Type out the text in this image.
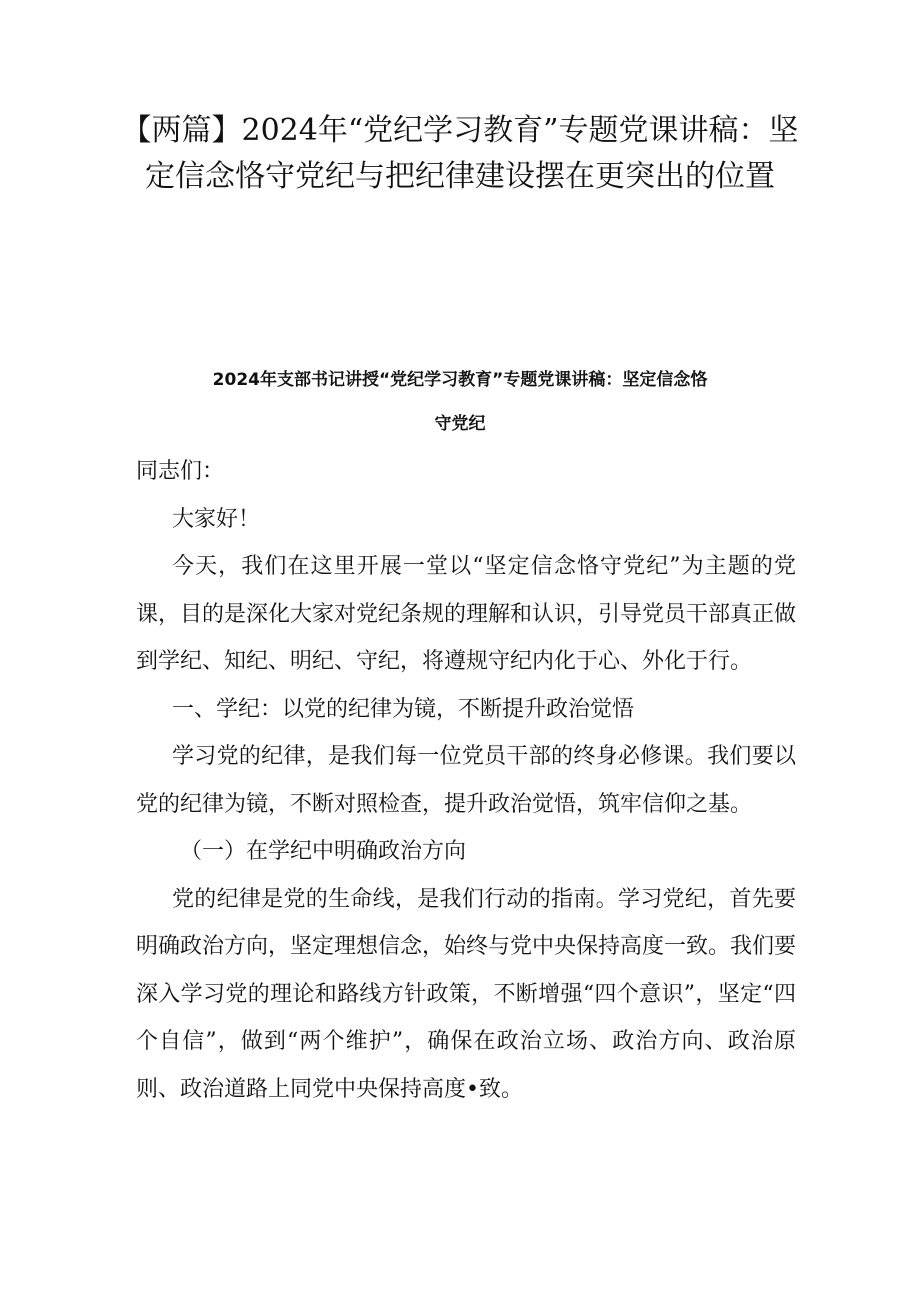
【两篇】2024年“党纪学习教育”专题党课讲稿：坚
定信念恪守党纪与把纪律建设摆在更突出的位置
2024年支部书记讲授“党纪学习教育”专题党课讲稿：坚定信念恪
守党纪

同志们：

大家好！

今天，我们在这里开展一堂以“坚定信念恪守党纪”为主题的党课，目的是深化大家对党纪条规的理解和认识，引导党员干部真正做到学纪、知纪、明纪、守纪，将遵规守纪内化于心、外化于行。

一、学纪：以党的纪律为镜，不断提升政治觉悟

学习党的纪律，是我们每一位党员干部的终身必修课。我们要以党的纪律为镜，不断对照检查，提升政治觉悟，筑牢信仰之基。

（一）在学纪中明确政治方向

党的纪律是党的生命线，是我们行动的指南。学习党纪，首先要明确政治方向，坚定理想信念，始终与党中央保持高度一致。我们要深入学习党的理论和路线方针政策，不断增强“四个意识”，坚定“四个自信”，做到“两个维护”，确保在政治立场、政治方向、政治原则、政治道路上同党中央保持高度•致。
